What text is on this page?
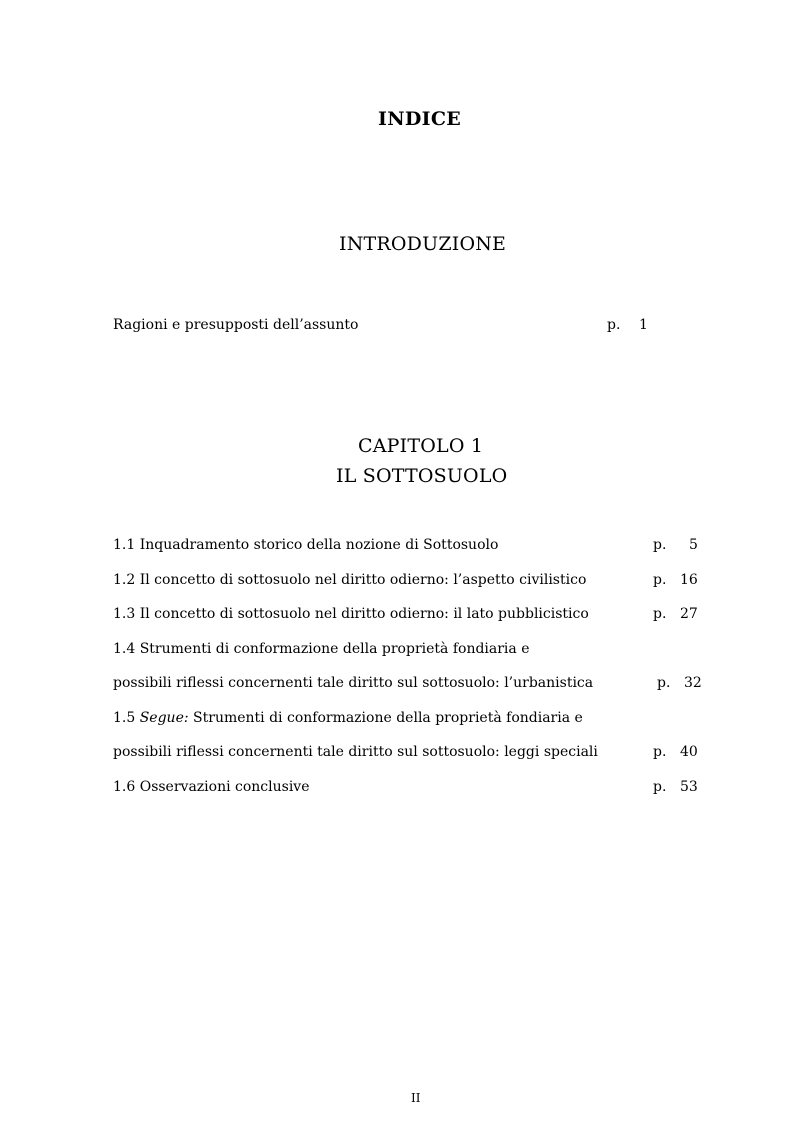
INDICE
INTRODUZIONE
Ragioni e presupposti dell’assunto	p. 1
CAPITOLO 1
IL SOTTOSUOLO
1.1 Inquadramento storico della nozione di Sottosuolo	p. 5
1.2 Il concetto di sottosuolo nel diritto odierno: l’aspetto civilistico	p. 16
1.3 Il concetto di sottosuolo nel diritto odierno: il lato pubblicistico	p. 27
1.4 Strumenti di conformazione della proprietà fondiaria e
possibili riflessi concernenti tale diritto sul sottosuolo: l’urbanistica	p. 32
1.5 Segue: Strumenti di conformazione della proprietà fondiaria e
possibili riflessi concernenti tale diritto sul sottosuolo: leggi speciali	p. 40
1.6 Osservazioni conclusive	p. 53
II
